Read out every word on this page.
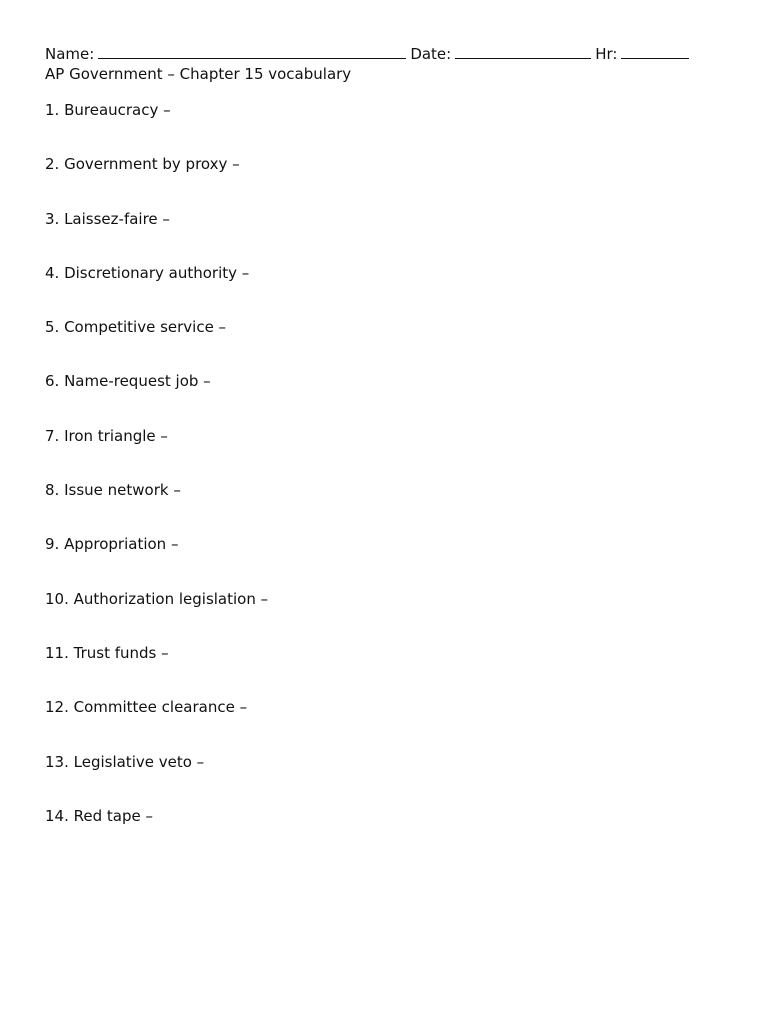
Name:	Date:	Hr:
AP Government – Chapter 15 vocabulary
1. Bureaucracy –
2. Government by proxy –
3. Laissez-faire –
4. Discretionary authority –
5. Competitive service –
6. Name-request job –
7. Iron triangle –
8. Issue network –
9. Appropriation –
10. Authorization legislation –
11. Trust funds –
12. Committee clearance –
13. Legislative veto –
14. Red tape –
